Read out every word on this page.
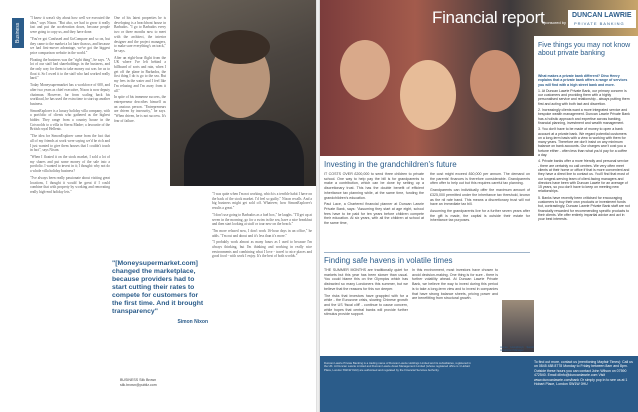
Business

"I knew it wasn't shy about how well we executed the idea," says Nixon. "But also, we had to grow it really fast and put the acceleration down, because people were going to copy us, and they have done.

"You've got Confused and GoCompare and so on, but they came to the market a lot later than us, and because we had first-mover advantage, we've got the biggest price comparison website in the world."

Floating the business was the "right thing", he says. "A lot of our staff had shareholdings in the business, and the only way for them to take money out was for us to float it. So I owed it to the staff who had worked really hard."

Today Moneysupermarket has a workforce of 600, and after two years as chief executive, Nixon is now deputy chairman. However, far from scaling back his workload, he has used the extra time to start up another business.

SimonExplorer is a luxury holiday villa company, with a portfolio of clients who gathered as the highest bidder. They range from a country house in the Cotswolds to a villa in Sierra Madre; a favourite of the British royal Hellenic.

"The idea for SimonExplorer came from the fact that all of my friends at work were saying we'd be rich and I just wanted to give them houses that I couldn't touch in fact", says Nixon.

"When I floated it on the stock market, I sold a lot of my shares and put some money of the sale into a portfolio. I wanted to invest in it; I thought: why not do a whole villa holiday business?

"I've always been really passionate about visiting great locations, I thought it would be great if I could combine that with property by working and renovating really high-end holiday lets."

One of his latest properties he is developing is a beachfront house in Barbados. "I go to Barbados every two or three months now to meet with the architect, the interior designer and the project managers, to make sure everything's on track," he says.

After an eight-hour flight from the UK where I've left behind a billboard of sorts and rain, when I get off the plane in Barbados, the first thing I do is go to the sea. But my fees in the water and I feel like I'm relaxing and I'm away from it all."

In spite of his immense success, the entrepreneur describes himself as an anxious person. "Entrepreneurs are driven by insecurity," he says. "When driven, he is not success. It's fear of failure.

"I was quite when I'm not working, which is a terrible habit I have on the back of the stock market. I'd feel so guilty." Nixon recalls. And a big business might get sold off. Whatever, how SimonExplorer's results a great."

"I don't use going to Barbados as a fuel box," he laughs. "I'll get up at seven in the morning, go for a swim in the sea, have a nice breakfast and then start looking at stuff or tour new on the beach."

"I'm more relaxed now, I don't work 16-hour days in an office," he adds. "I'm out and about and it's less than it's more."

"I probably work almost as many hours as I used to because I'm always thinking, but I'm thinking and working in really nice environments and combining what I love - travel to nice places and good food - with work I enjoy. It's the best of both worlds."

"[Moneysupermarket.com] changed the marketplace, because providers had to start cutting their rates to compete for customers for the first time. And it brought transparency"
Simon Nixon
BUSINESS Silk Brown
silk.brown@publiz.com
Financial report
sponsored by
DUNCAN LAWRIE
PRIVATE BANKING
Investing in the grandchildren's future

IT COSTS OVER £200,000 to send three children to private school. One way to help pay the bill is for grandparents to make a contribution, which can be done by setting up a discretionary trust. This has the double benefit of efficient inheritance tax planning while, at the same time, funding the grandchildren's education.

Paul Lace, a Chartered financial planner at Duncan Lawrie Private Bank, says: "Assuming they start at age eight, school fees have to be paid for ten years before children compete their education. At six years, with all the children at school at the same time,

the cost might exceed £60,000 per annum. The demand on the parents' finances is therefore considerable. Grandparents often offer to help out but this requires careful tax planning.

Grandparents can individually offer the maximum amount of £325,000 permitted under the inheritance tax threshold, known as the nil rate band. This means a discretionary trust will not have an immediate tax bill.

Assuming the grandparents live for a further seven years after the gift is made, the capital is outside their estate for inheritance tax purposes.

Finding safe havens in volatile times

THE SUMMER MONTHS are traditionally quiet for markets but this year has been slower than usual. You could blame this on the Olympics which has distracted so many Londoners this summer, but we believe that the reasons for this run deeper.

The risks that investors have grappled with for a while - the Eurozone crisis, slowing Chinese growth and the US 'fiscal cliff' - continue to cause concern, while hopes that central banks will provide further stimulus provide support.

In this environment, most investors have chosen to avoid decision-making. One thing is for sure - there is further volatility ahead. At Duncan Lawrie Private Bank, we believe the way to invest during this period is to take a long-term view and to invest in companies that have strong balance sheets, pricing power and are benefitting from structural growth.

James Humphreys Senior Investment Manager
Five things you may not know about private banking

What makes a private bank different? Dino Henry explains that a private bank offers a range of services you will find with a high street bank and more.

1. At Duncan Lawrie Private Bank, our primary concern is our customers and providing them with a highly personalised service and relationship - always putting them first and acting with both tact and discretion.

2. Increasingly clients want a more integrated service and bespoke wealth management. Duncan Lawrie Private Bank has a holistic approach and expertise across banking, financial planning, investment and wealth management.

3. You don't have to be made of money to open a bank account at a private bank. We regard potential customers on a long-term basis with a view to working with them for many years. Therefore we don't insist on any minimum balance on bank accounts. Our charges won't cost you a fortune either - often less than what you'd pay for a coffee a day.

4. Private banks offer a more friendly and personal service - there are certainly no call centres. We very often meet clients at their home or office if that is more convenient and they have a direct line to contact us. You'll find that most of our longest-serving team of client-facing managers and directors have been with Duncan Lawrie for an average of 15 years, so you don't have to keep on meeting new relationships.

5. Banks have recently been criticised for encouraging customers to buy their own products or investment funds but, contrastingly, Duncan Lawrie Private Bank staff are not financially rewarded for recommending specific products to their clients. We offer entirely impartial advice and act in your best interests.

Duncan Lawrie Private Banking is a trading name of Duncan Lawrie Holdings Limited and its subsidiaries, registered in the UK. At Duncan Lawrie Limited and Duncan Lawrie Asset Management Limited (whose registered office is 1 Hobart Place, London SW1W 0HU) are authorised and regulated by the Financial Services Authority.
To find out more, contact us (mentioning Mayfair Times): Call us on 0845 488 8778 Monday to Friday between 8am and 8pm. Outside these hours you can contact John Wilson on 07590 472540. Email dlinfo@duncanlawrie.com Visit www.duncanlawrie.com/bank Or simply pop in to see us at 1 Hobart Place, London SW1W 0HU
